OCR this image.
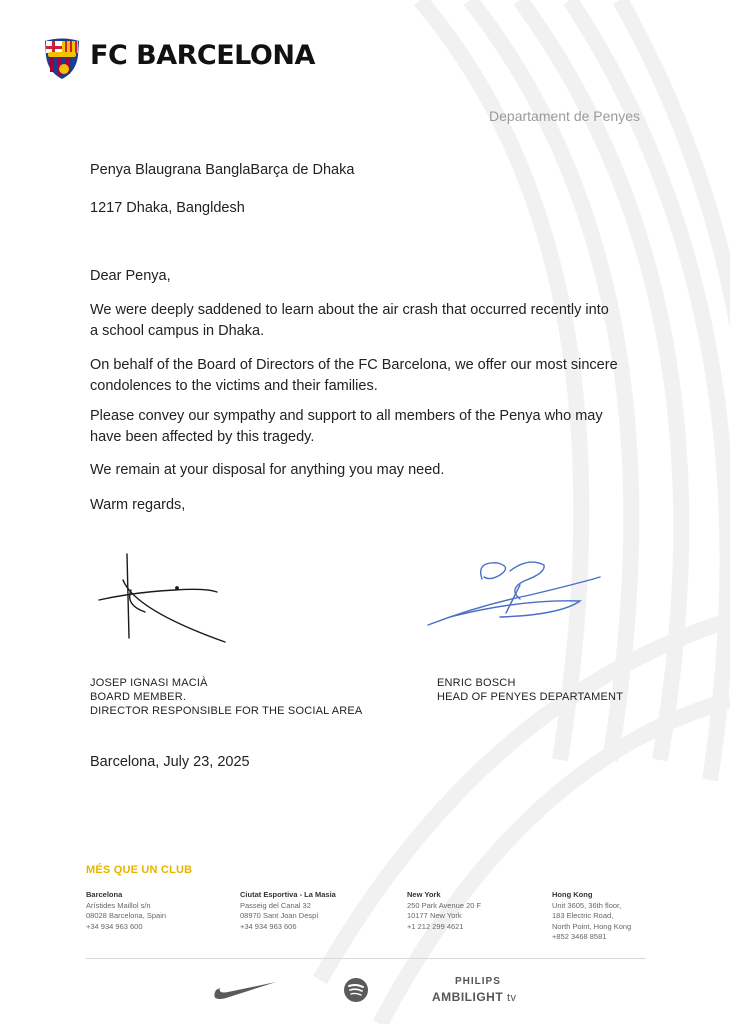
FC BARCELONA
Departament de Penyes
Penya Blaugrana BanglaBarça de Dhaka
1217 Dhaka, Bangldesh
Dear Penya,
We were deeply saddened to learn about the air crash that occurred recently into a school campus in Dhaka.
On behalf of the Board of Directors of the FC Barcelona, we offer our most sincere condolences to the victims and their families.
Please convey our sympathy and support to all members of the Penya who may have been affected by this tragedy.
We remain at your disposal for anything you may need.
Warm regards,
JOSEP IGNASI MACIÀ
BOARD MEMBER.
DIRECTOR RESPONSIBLE FOR THE SOCIAL AREA
ENRIC BOSCH
HEAD OF PENYES DEPARTAMENT
Barcelona, July 23, 2025
MÉS QUE UN CLUB
Barcelona
Arístides Maillol s/n
08028 Barcelona, Spain
+34 934 963 600
Ciutat Esportiva - La Masia
Passeig del Canal 32
08970 Sant Joan Despí
+34 934 963 606
New York
250 Park Avenue 20 F
10177 New York
+1 212 299 4621
Hong Kong
Unit 3605, 36th floor,
183 Electric Road,
North Point, Hong Kong
+852 3468 8581
PHILIPS
AMBILIGHT tv
